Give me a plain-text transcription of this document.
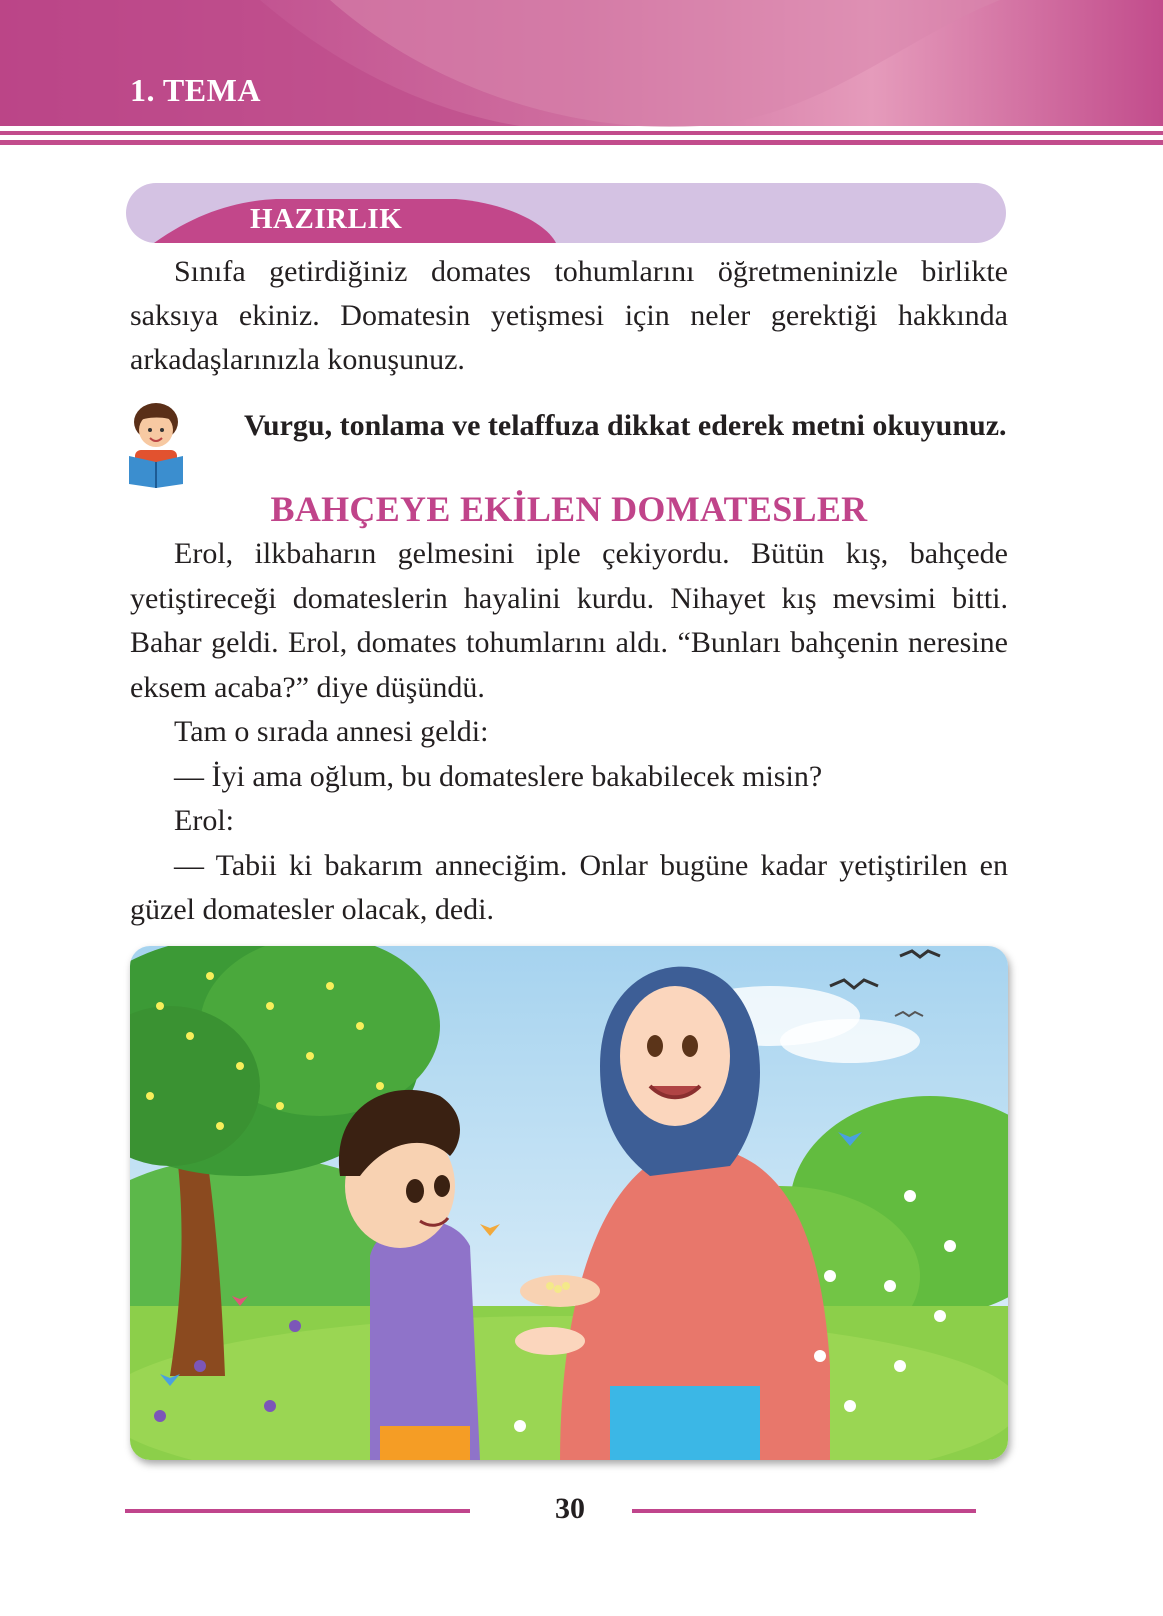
1. TEMA
HAZIRLIK

Sınıfa getirdiğiniz domates tohumlarını öğretmeninizle birlikte saksıya ekiniz. Domatesin yetişmesi için neler gerektiği hakkında arkadaşlarınızla konuşunuz.

Vurgu, tonlama ve telaffuza dikkat ederek metni okuyunuz.

BAHÇEYE EKİLEN DOMATESLER

Erol, ilkbaharın gelmesini iple çekiyordu. Bütün kış, bahçede yetiştireceği domateslerin hayalini kurdu. Nihayet kış mevsimi bitti. Bahar geldi. Erol, domates tohumlarını aldı. “Bunları bahçenin neresine eksem acaba?” diye düşündü.

Tam o sırada annesi geldi:

— İyi ama oğlum, bu domateslere bakabilecek misin?

Erol:

— Tabii ki bakarım anneciğim. Onlar bugüne kadar yetiştirilen en güzel domatesler olacak, dedi.

30
